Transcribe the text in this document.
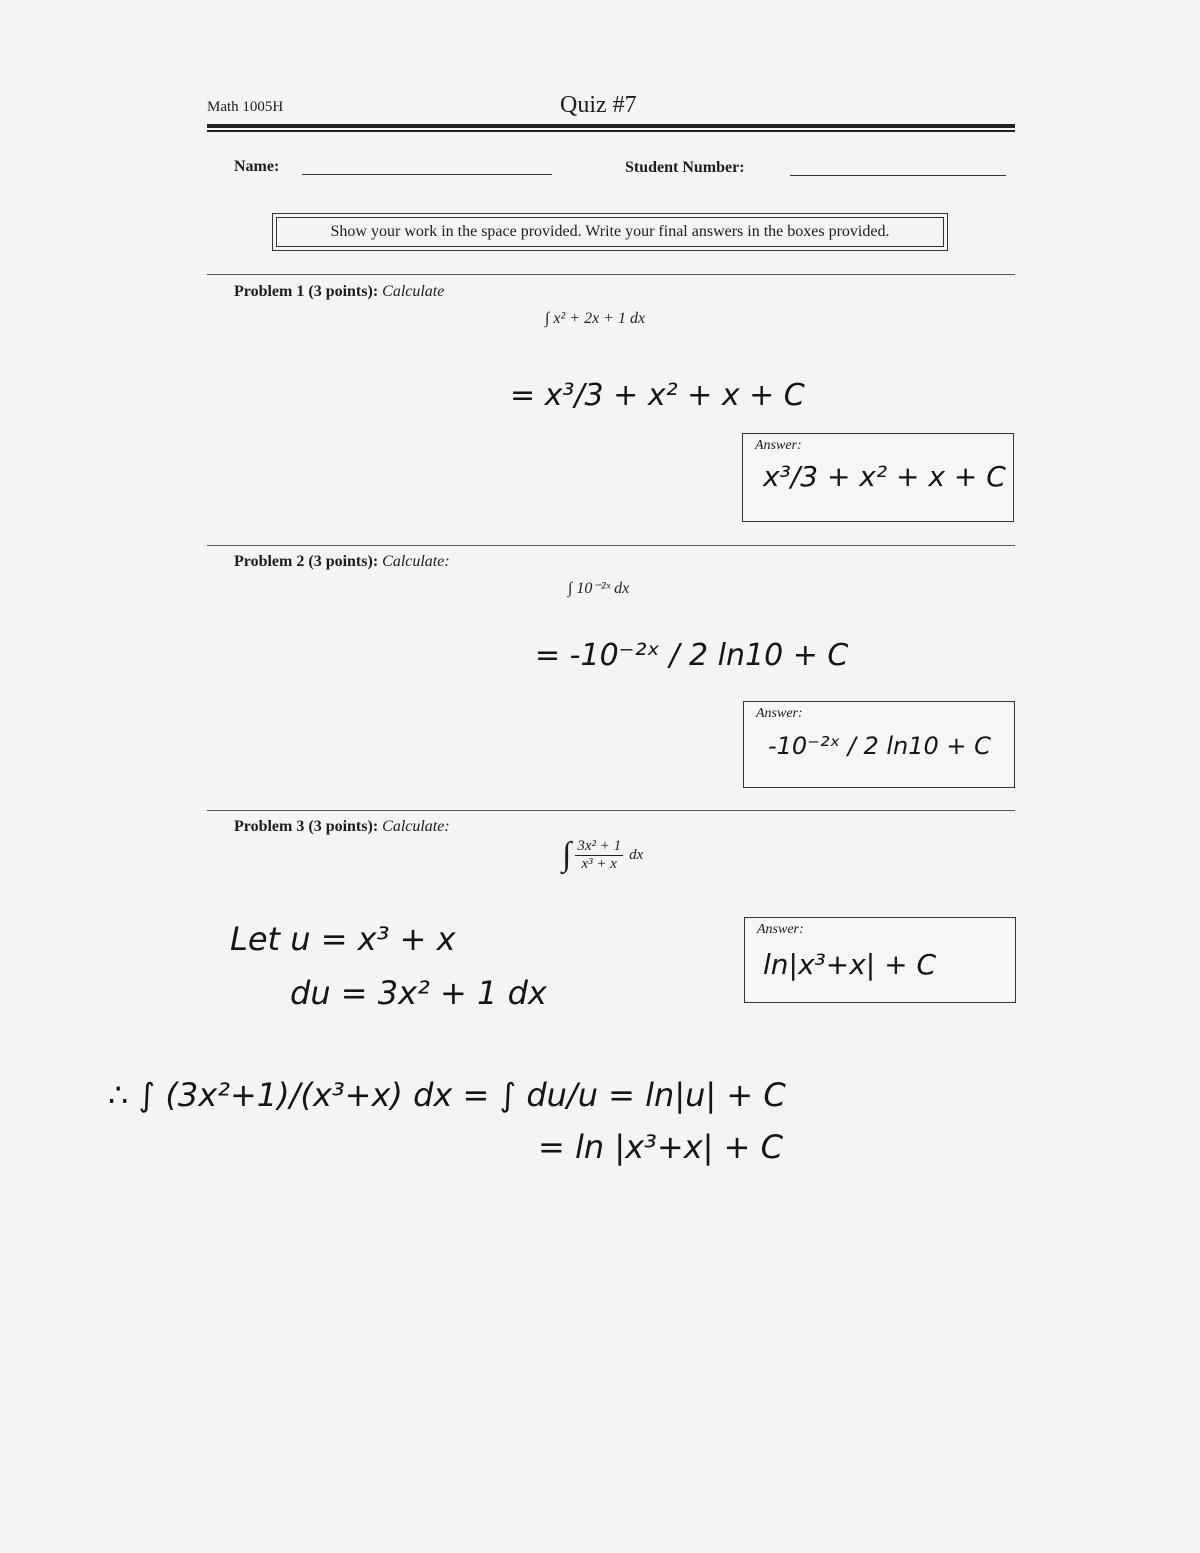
Math 1005H	Quiz #7
Name:	Student Number:
Show your work in the space provided. Write your final answers in the boxes provided.
Problem 1 (3 points): Calculate
∫ x² + 2x + 1 dx
= x³/3 + x² + x + C
Answer:
x³/3 + x² + x + C
Problem 2 (3 points): Calculate:
∫ 10⁻²ˣ dx
= -10⁻²ˣ / 2 ln10 + C
Answer:
-10⁻²ˣ / 2 ln10 + C
Problem 3 (3 points): Calculate:
∫ $\frac{\text{3x² + 1}}{\text{x³ + x}}$ dx
Let u = x³ + x
du = 3x² + 1 dx
∴ ∫ (3x²+1)/(x³+x) dx = ∫ du/u = ln|u| + C
= ln |x³+x| + C
Answer:
ln|x³+x| + C
